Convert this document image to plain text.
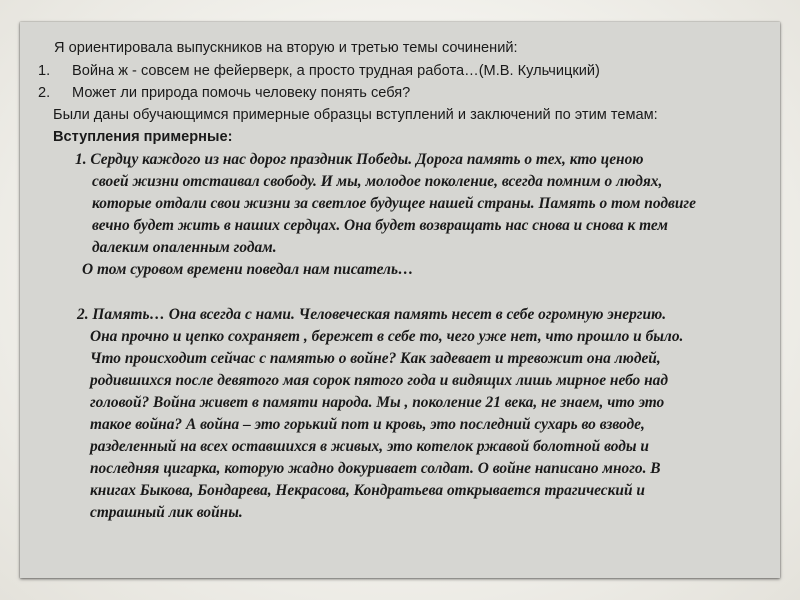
Я ориентировала выпускников на вторую и третью темы сочинений:
1. Война ж - совсем не фейерверк, а просто трудная работа…(М.В. Кульчицкий)
2. Может ли природа помочь человеку понять себя?
Были даны обучающимся примерные образцы вступлений и заключений по этим темам:
Вступления примерные:
1. Сердцу каждого из нас дорог праздник Победы. Дорога память о тех, кто ценою
своей жизни отстаивал свободу. И мы, молодое поколение, всегда помним о людях,
которые отдали свои жизни за светлое будущее нашей страны. Память о том подвиге
вечно будет жить в наших сердцах. Она будет возвращать нас снова и снова к тем
далеким опаленным годам.
О том суровом времени поведал нам писатель…
2. Память… Она всегда с нами. Человеческая память несет в себе огромную энергию.
Она прочно и цепко сохраняет , бережет в себе то, чего уже нет, что прошло и было.
Что происходит сейчас с памятью о войне? Как задевает и тревожит она людей,
родившихся после девятого мая сорок пятого года и видящих лишь мирное небо над
головой? Война живет в памяти народа. Мы , поколение 21 века, не знаем, что это
такое война? А война – это горький пот и кровь, это последний сухарь во взводе,
разделенный на всех оставшихся в живых, это котелок ржавой болотной воды и
последняя цигарка, которую жадно докуривает солдат. О войне написано много. В
книгах Быкова, Бондарева, Некрасова, Кондратьева открывается трагический и
страшный лик войны.
